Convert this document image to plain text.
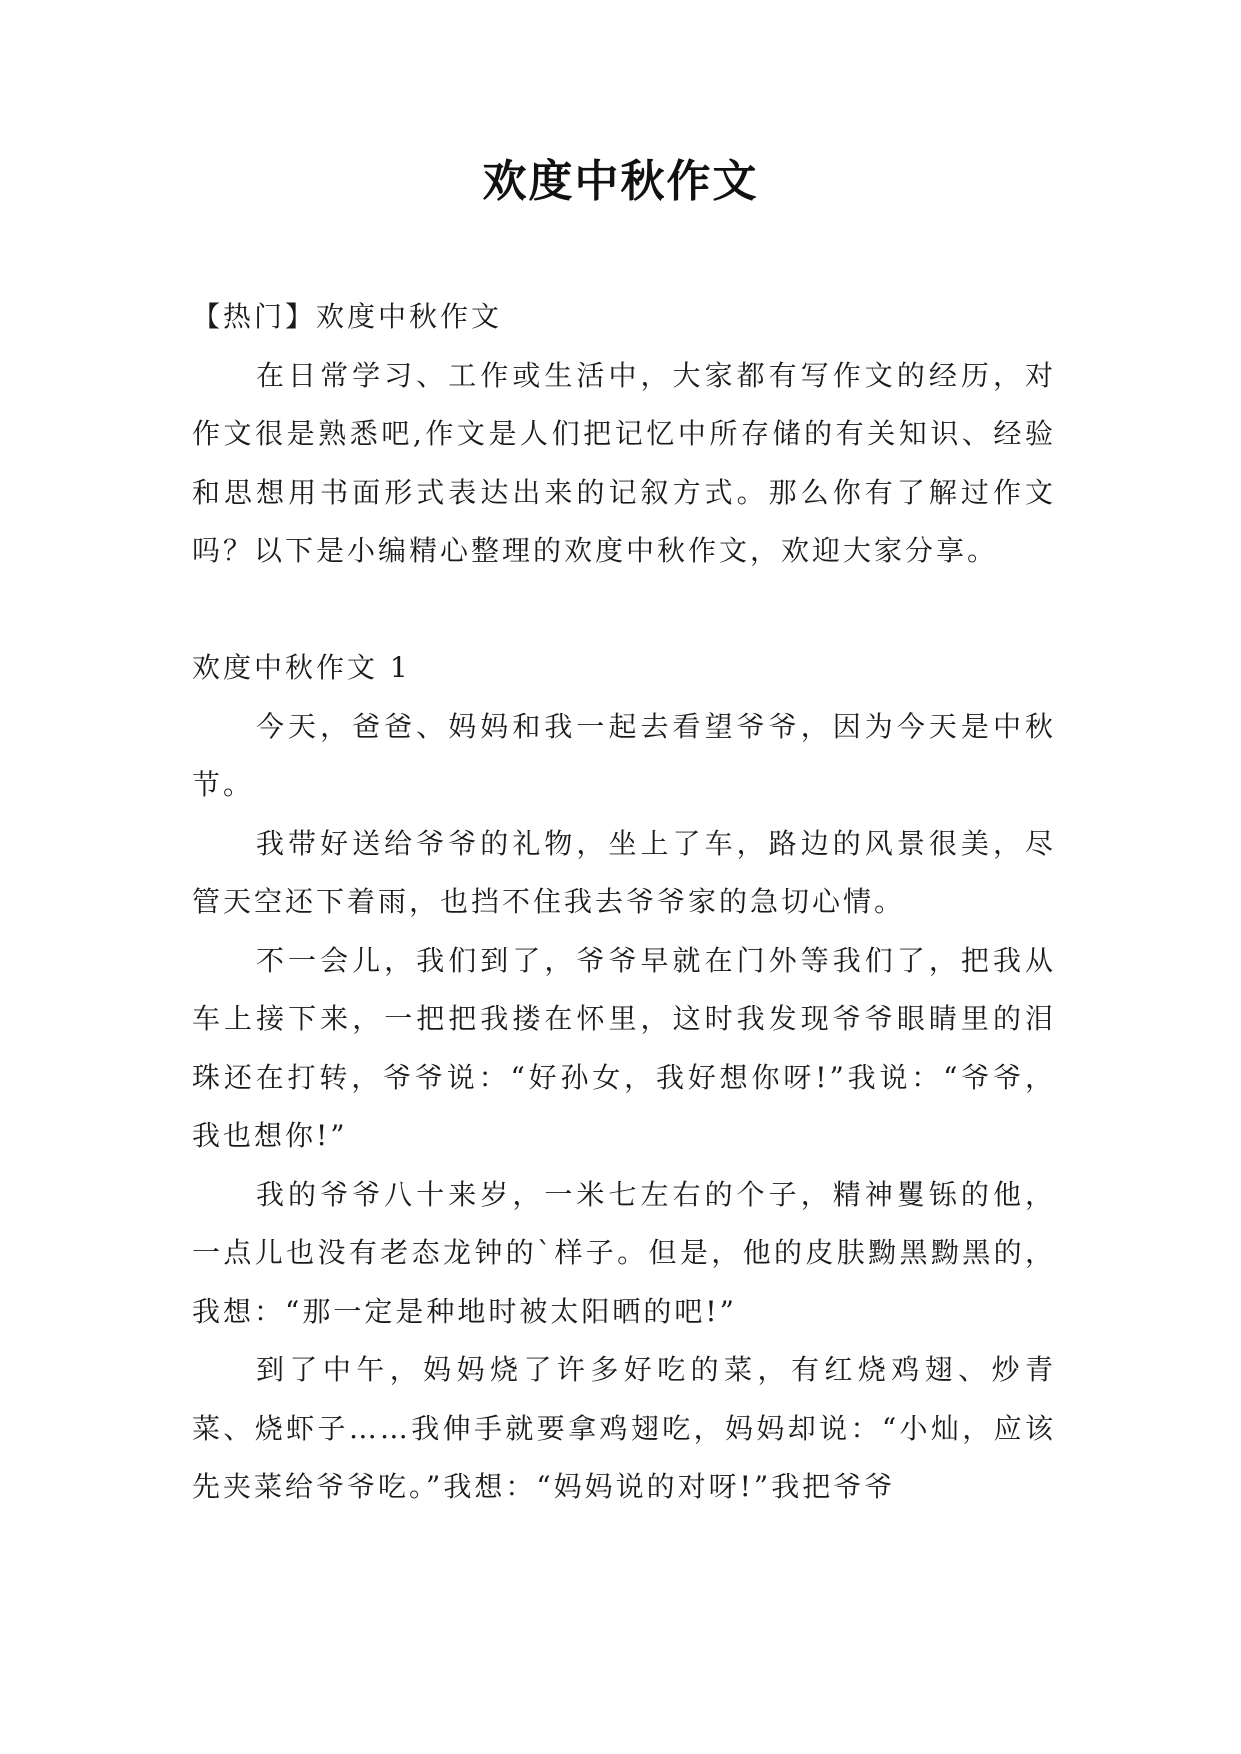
欢度中秋作文

【热门】欢度中秋作文

在日常学习、工作或生活中，大家都有写作文的经历，对作文很是熟悉吧,作文是人们把记忆中所存储的有关知识、经验和思想用书面形式表达出来的记叙方式。那么你有了解过作文吗？以下是小编精心整理的欢度中秋作文，欢迎大家分享。

欢度中秋作文 1

今天，爸爸、妈妈和我一起去看望爷爷，因为今天是中秋节。

我带好送给爷爷的礼物，坐上了车，路边的风景很美，尽管天空还下着雨，也挡不住我去爷爷家的急切心情。

不一会儿，我们到了，爷爷早就在门外等我们了，把我从车上接下来，一把把我搂在怀里，这时我发现爷爷眼睛里的泪珠还在打转，爷爷说：“好孙女，我好想你呀!”我说：“爷爷，我也想你!”

我的爷爷八十来岁，一米七左右的个子，精神矍铄的他，一点儿也没有老态龙钟的`样子。但是，他的皮肤黝黑黝黑的，我想：“那一定是种地时被太阳晒的吧!”

到了中午，妈妈烧了许多好吃的菜，有红烧鸡翅、炒青菜、烧虾子……我伸手就要拿鸡翅吃，妈妈却说：“小灿，应该先夹菜给爷爷吃。”我想：“妈妈说的对呀!”我把爷爷
